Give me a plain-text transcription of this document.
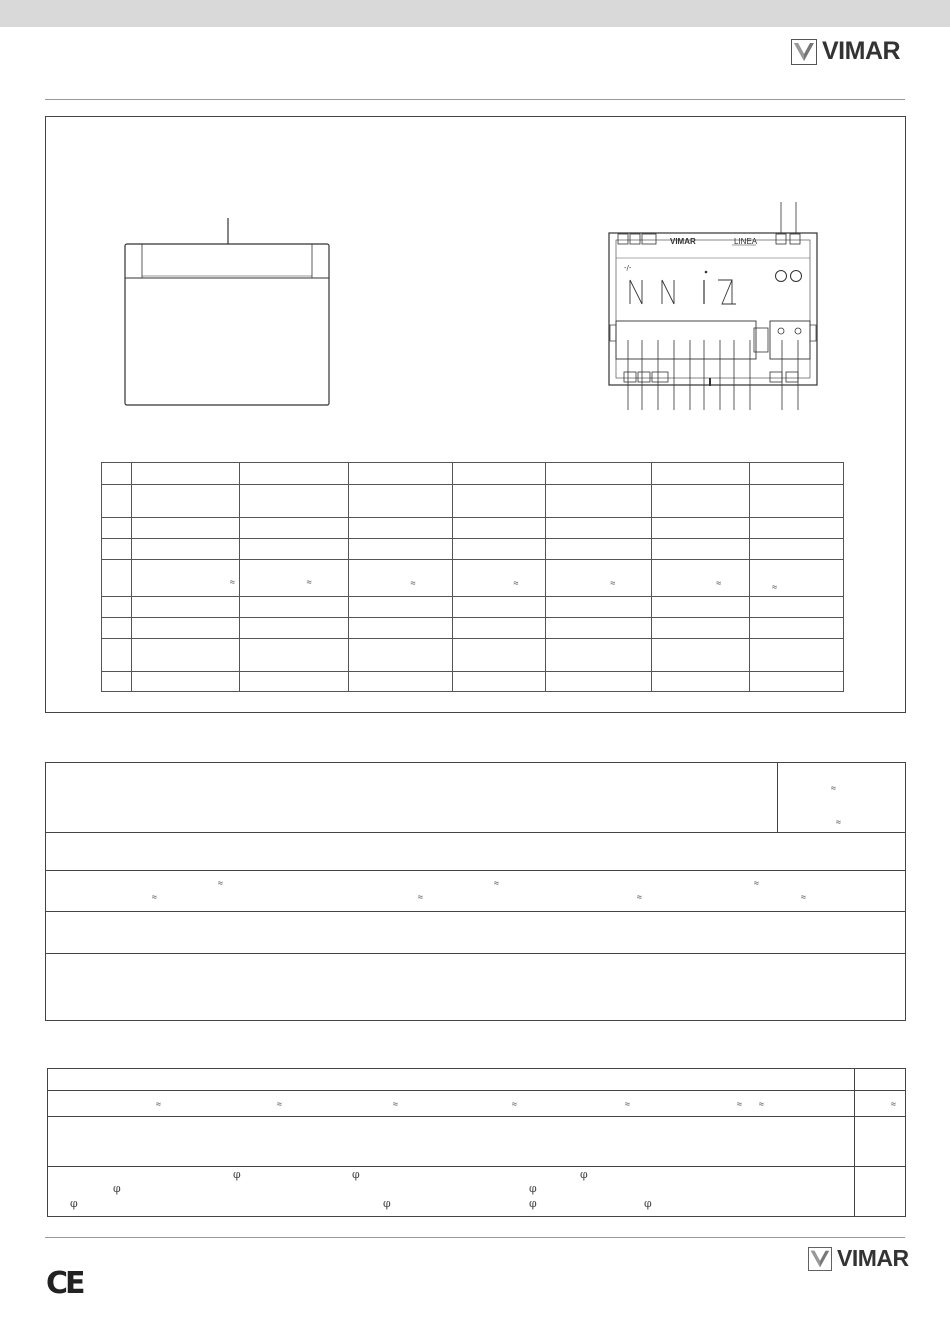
VIMAR
VIMAR	LINEA
-/-

	≈	≈	≈	≈	≈	≈	≈

≈
≈
≈
≈
≈
≈	≈
≈
≈
≈	≈	≈	≈	≈	≈ ≈	≈
φ	φ	φ
φ	φ
φ	φ	φ	φ
VIMAR
CE
